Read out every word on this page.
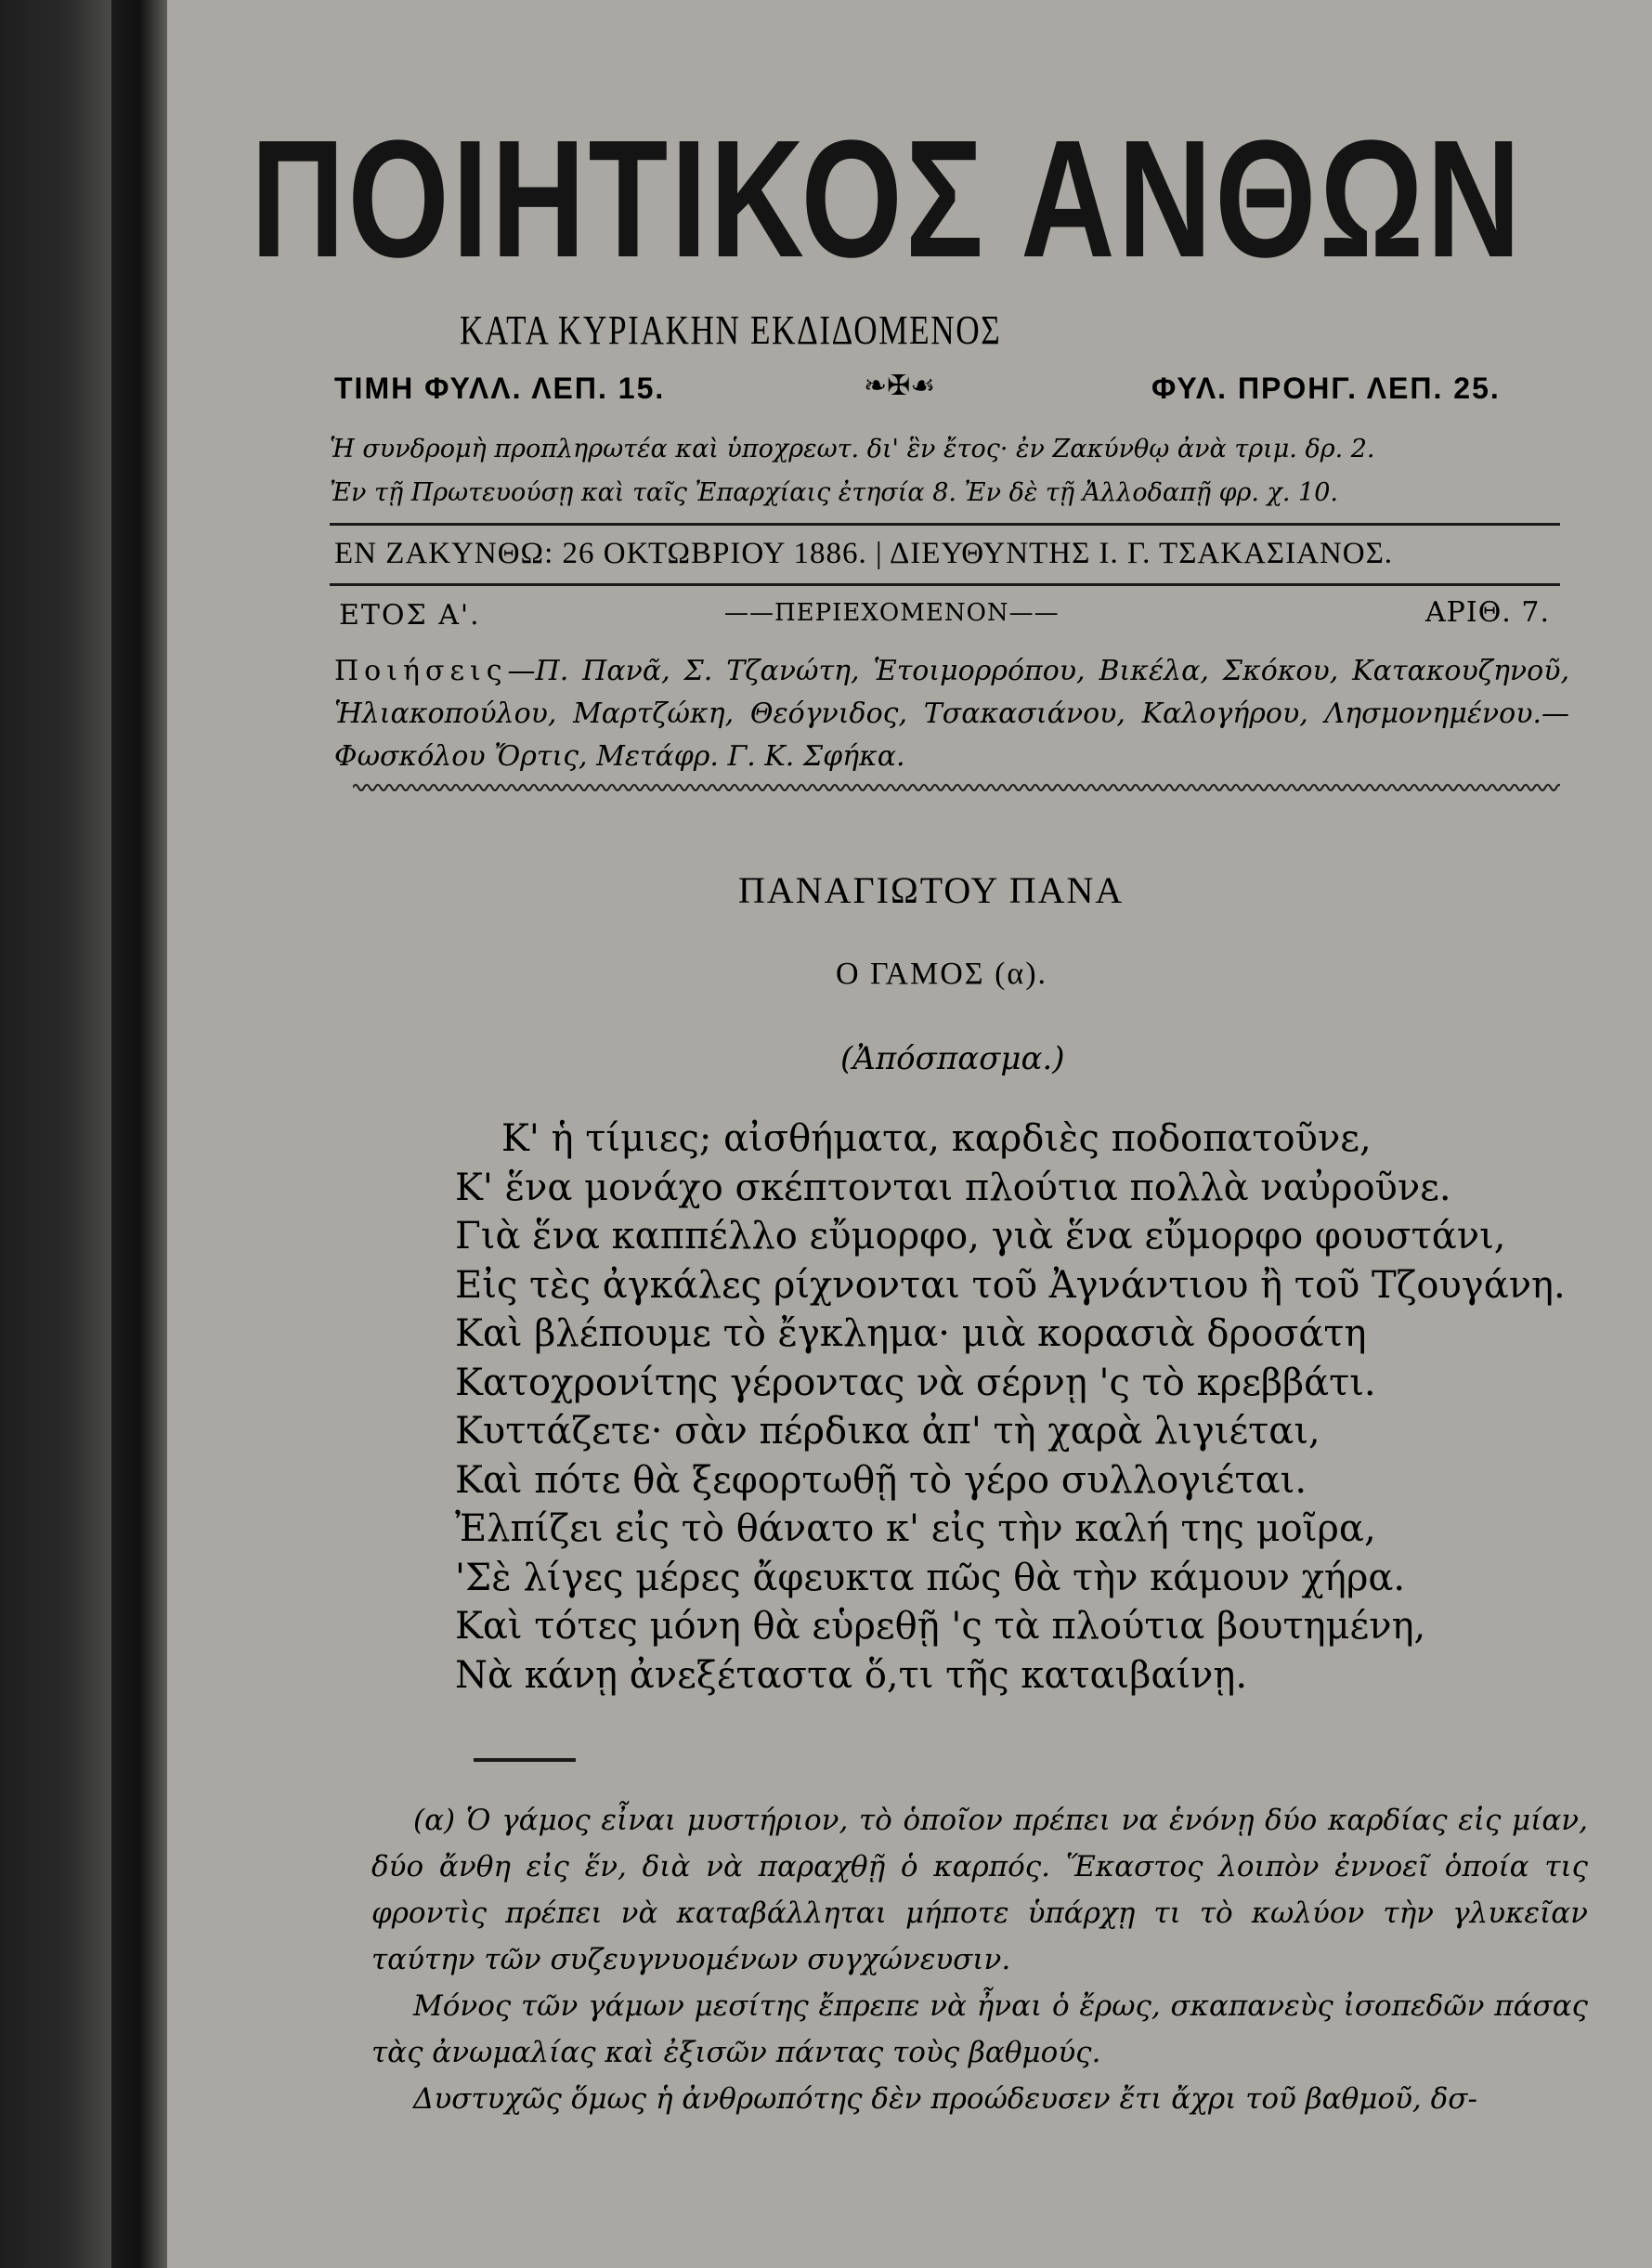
ΠΟΙΗΤΙΚΟΣ ΑΝΘΩΝ
ΚΑΤΑ ΚΥΡΙΑΚΗΝ ΕΚΔΙΔΟΜΕΝΟΣ
ΤΙΜΗ ΦΥΛΛ. ΛΕΠ. 15.	❧✠☙	ΦΥΛ. ΠΡΟΗΓ. ΛΕΠ. 25.
Ἡ συνδρομὴ προπληρωτέα καὶ ὑποχρεωτ. δι' ἓν ἔτος· ἐν Ζακύνθῳ ἀνὰ τριμ. δρ. 2.
Ἐν τῇ Πρωτευούσῃ καὶ ταῖς Ἐπαρχίαις ἐτησία 8. Ἐν δὲ τῇ Ἀλλοδαπῇ φρ. χ. 10.
ΕΝ ΖΑΚΥΝΘΩ: 26 ΟΚΤΩΒΡΙΟΥ 1886. | ΔΙΕΥΘΥΝΤΗΣ Ι. Γ. ΤΣΑΚΑΣΙΑΝΟΣ.
ΕΤΟΣ Α'.	——ΠΕΡΙΕΧΟΜΕΝΟΝ——	ΑΡΙΘ. 7.
Ποιήσεις—Π. Πανᾶ, Σ. Τζανώτη, Ἑτοιμορρόπου, Βικέλα, Σκόκου, Κατακουζηνοῦ, Ἡλιακοπούλου, Μαρτζώκη, Θεόγνιδος, Τσακασιάνου, Καλογήρου, Λησμονημένου.—Φωσκόλου Ὄρτις, Μετάφρ. Γ. Κ. Σφήκα.
ΠΑΝΑΓΙΩΤΟΥ ΠΑΝΑ
Ο ΓΑΜΟΣ (α).
(Ἀπόσπασμα.)
Κ' ἡ τίμιες; αἰσθήματα, καρδιὲς ποδοπατοῦνε,
Κ' ἕνα μονάχο σκέπτονται πλούτια πολλὰ ναὐροῦνε.
Γιὰ ἕνα καππέλλο εὔμορφο, γιὰ ἕνα εὔμορφο φουστάνι,
Εἰς τὲς ἀγκάλες ρίχνονται τοῦ Ἀγνάντιου ἢ τοῦ Τζουγάνη.
Καὶ βλέπουμε τὸ ἔγκλημα· μιὰ κορασιὰ δροσάτη
Κατοχρονίτης γέροντας νὰ σέρνῃ 'ς τὸ κρεββάτι.
Κυττάζετε· σὰν πέρδικα ἀπ' τὴ χαρὰ λιγιέται,
Καὶ πότε θὰ ξεφορτωθῇ τὸ γέρο συλλογιέται.
Ἐλπίζει εἰς τὸ θάνατο κ' εἰς τὴν καλή της μοῖρα,
'Σὲ λίγες μέρες ἄφευκτα πῶς θὰ τὴν κάμουν χήρα.
Καὶ τότες μόνη θὰ εὑρεθῇ 'ς τὰ πλούτια βουτημένη,
Νὰ κάνῃ ἀνεξέταστα ὅ,τι τῆς καταιβαίνῃ.

(α) Ὁ γάμος εἶναι μυστήριον, τὸ ὁποῖον πρέπει να ἑνόνῃ δύο καρδίας εἰς μίαν, δύο ἄνθη εἰς ἕν, διὰ νὰ παραχθῇ ὁ καρπός. Ἕκαστος λοιπὸν ἐννοεῖ ὁποία τις φροντὶς πρέπει νὰ καταβάλληται μήποτε ὑπάρχῃ τι τὸ κωλύον τὴν γλυκεῖαν ταύτην τῶν συζευγνυομένων συγχώνευσιν.

Μόνος τῶν γάμων μεσίτης ἔπρεπε νὰ ἦναι ὁ ἔρως, σκαπανεὺς ἰσοπεδῶν πάσας τὰς ἀνωμαλίας καὶ ἐξισῶν πάντας τοὺς βαθμούς.

Δυστυχῶς ὅμως ἡ ἀνθρωπότης δὲν προώδευσεν ἔτι ἄχρι τοῦ βαθμοῦ, δσ-
